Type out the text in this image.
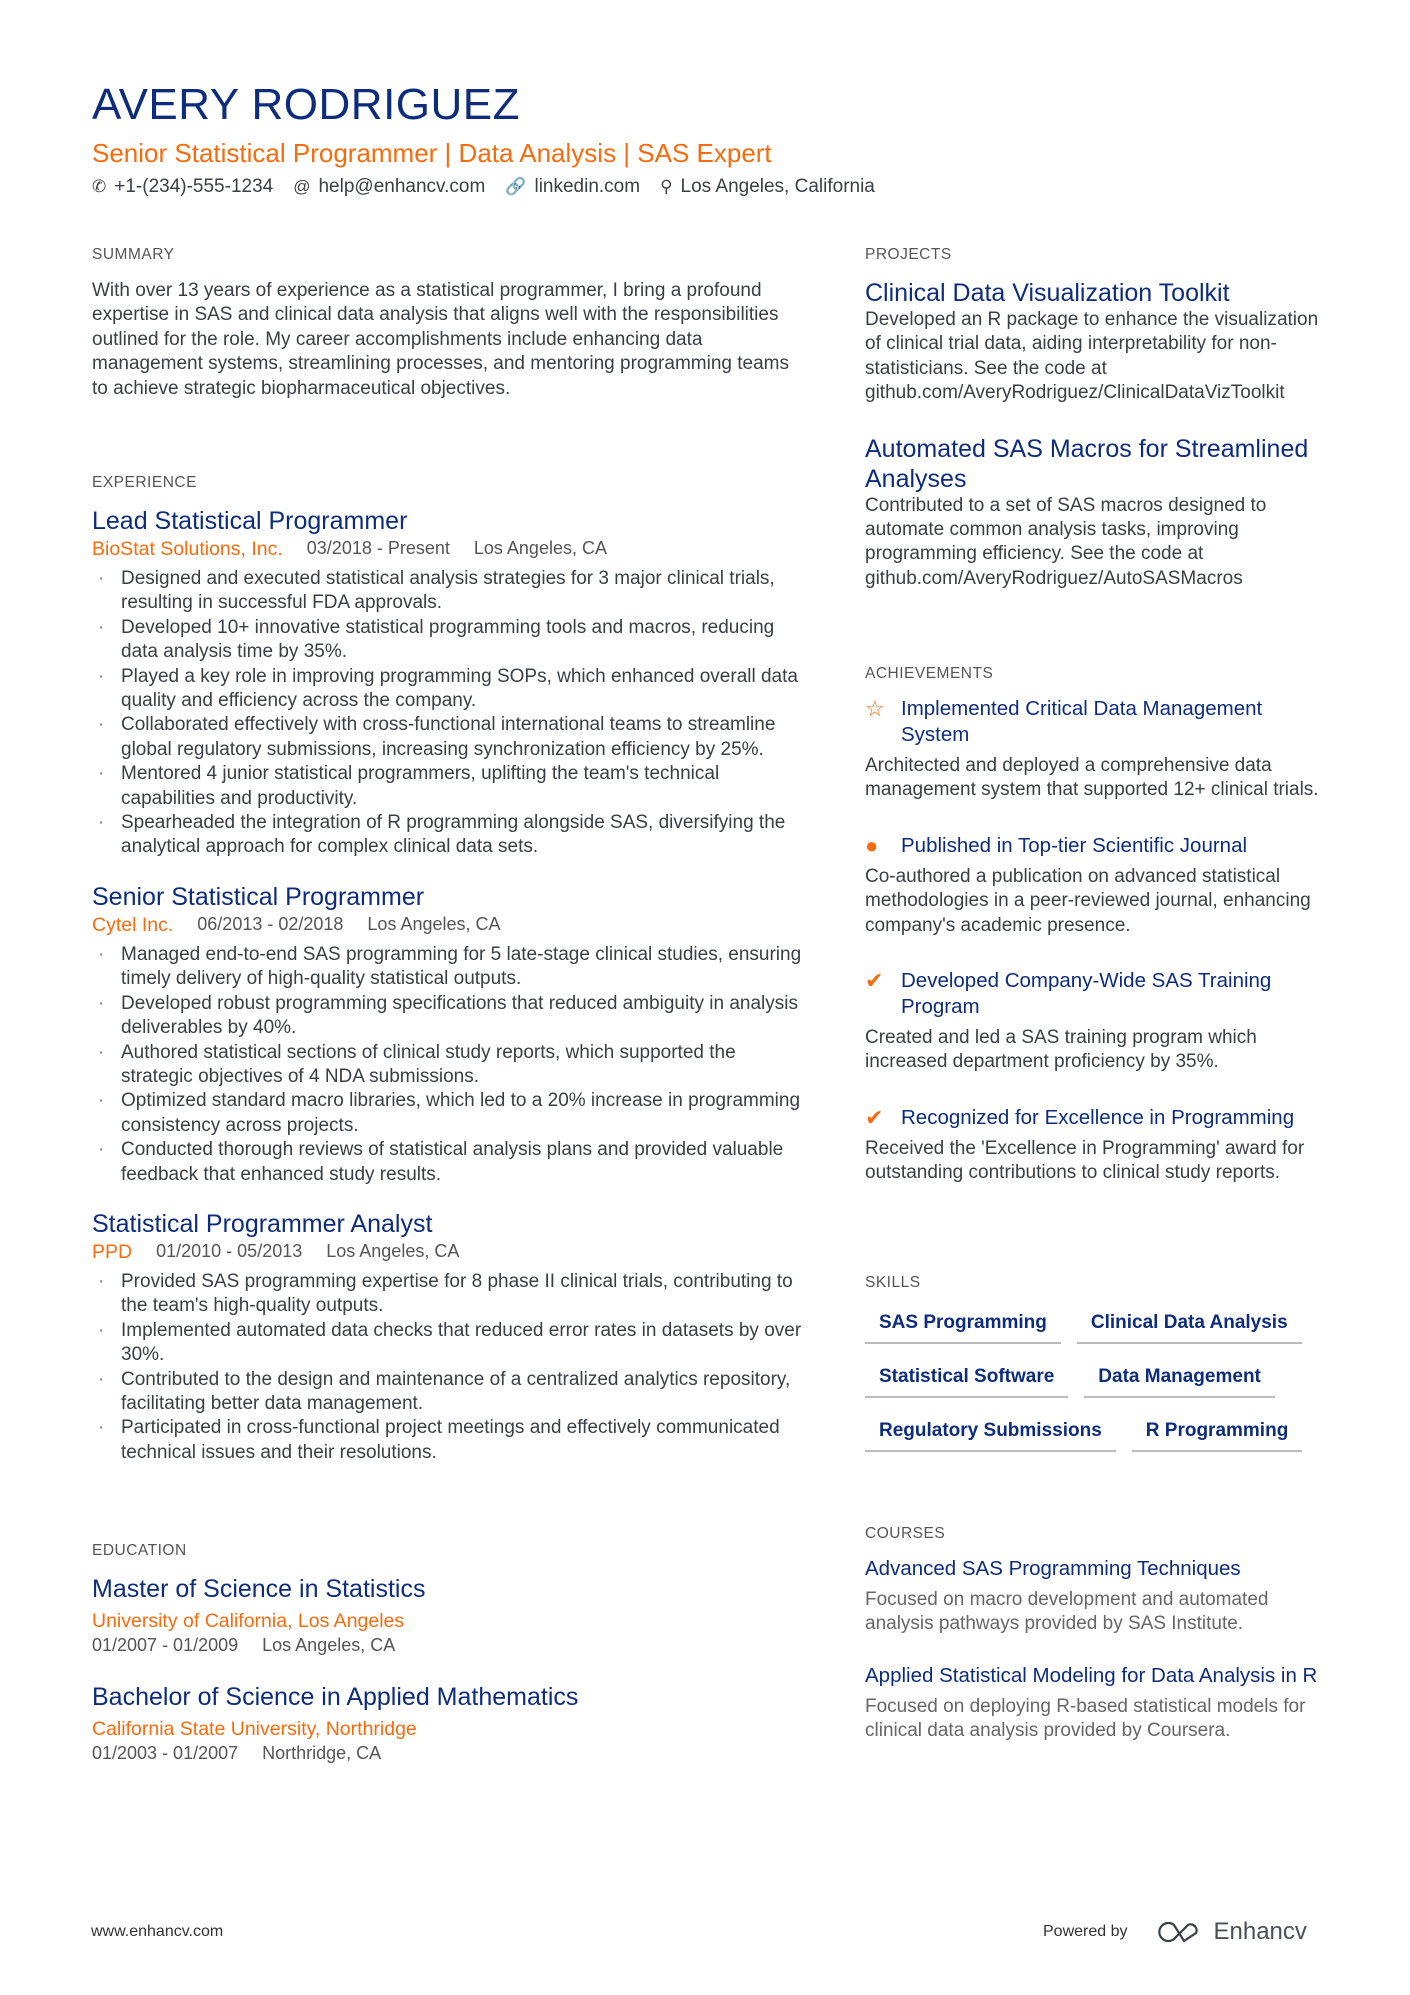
AVERY RODRIGUEZ
Senior Statistical Programmer | Data Analysis | SAS Expert
✆ +1-(234)-555-1234 @ help@enhancv.com 🔗 linkedin.com ⚲ Los Angeles, California
SUMMARY
With over 13 years of experience as a statistical programmer, I bring a profound expertise in SAS and clinical data analysis that aligns well with the responsibilities outlined for the role. My career accomplishments include enhancing data management systems, streamlining processes, and mentoring programming teams to achieve strategic biopharmaceutical objectives.
EXPERIENCE
Lead Statistical Programmer
BioStat Solutions, Inc. 03/2018 - Present Los Angeles, CA
· Designed and executed statistical analysis strategies for 3 major clinical trials, resulting in successful FDA approvals.
· Developed 10+ innovative statistical programming tools and macros, reducing data analysis time by 35%.
· Played a key role in improving programming SOPs, which enhanced overall data quality and efficiency across the company.
· Collaborated effectively with cross-functional international teams to streamline global regulatory submissions, increasing synchronization efficiency by 25%.
· Mentored 4 junior statistical programmers, uplifting the team's technical capabilities and productivity.
· Spearheaded the integration of R programming alongside SAS, diversifying the analytical approach for complex clinical data sets.
Senior Statistical Programmer
Cytel Inc. 06/2013 - 02/2018 Los Angeles, CA
· Managed end-to-end SAS programming for 5 late-stage clinical studies, ensuring timely delivery of high-quality statistical outputs.
· Developed robust programming specifications that reduced ambiguity in analysis deliverables by 40%.
· Authored statistical sections of clinical study reports, which supported the strategic objectives of 4 NDA submissions.
· Optimized standard macro libraries, which led to a 20% increase in programming consistency across projects.
· Conducted thorough reviews of statistical analysis plans and provided valuable feedback that enhanced study results.
Statistical Programmer Analyst
PPD 01/2010 - 05/2013 Los Angeles, CA
· Provided SAS programming expertise for 8 phase II clinical trials, contributing to the team's high-quality outputs.
· Implemented automated data checks that reduced error rates in datasets by over 30%.
· Contributed to the design and maintenance of a centralized analytics repository, facilitating better data management.
· Participated in cross-functional project meetings and effectively communicated technical issues and their resolutions.
EDUCATION
Master of Science in Statistics
University of California, Los Angeles
01/2007 - 01/2009 Los Angeles, CA
Bachelor of Science in Applied Mathematics
California State University, Northridge
01/2003 - 01/2007 Northridge, CA
PROJECTS
Clinical Data Visualization Toolkit
Developed an R package to enhance the visualization of clinical trial data, aiding interpretability for non-statisticians. See the code at github.com/AveryRodriguez/ClinicalDataVizToolkit
Automated SAS Macros for Streamlined Analyses
Contributed to a set of SAS macros designed to automate common analysis tasks, improving programming efficiency. See the code at github.com/AveryRodriguez/AutoSASMacros
ACHIEVEMENTS
☆ Implemented Critical Data Management System
Architected and deployed a comprehensive data management system that supported 12+ clinical trials.
●	Published in Top-tier Scientific Journal
Co-authored a publication on advanced statistical methodologies in a peer-reviewed journal, enhancing company's academic presence.
✔ Developed Company-Wide SAS Training Program
Created and led a SAS training program which increased department proficiency by 35%.
✔ Recognized for Excellence in Programming
Received the 'Excellence in Programming' award for outstanding contributions to clinical study reports.
SKILLS
SAS Programming	Clinical Data Analysis
Statistical Software	Data Management
Regulatory Submissions	R Programming
COURSES
Advanced SAS Programming Techniques
Focused on macro development and automated analysis pathways provided by SAS Institute.
Applied Statistical Modeling for Data Analysis in R
Focused on deploying R-based statistical models for clinical data analysis provided by Coursera.
www.enhancv.com	Powered by	Enhancv
